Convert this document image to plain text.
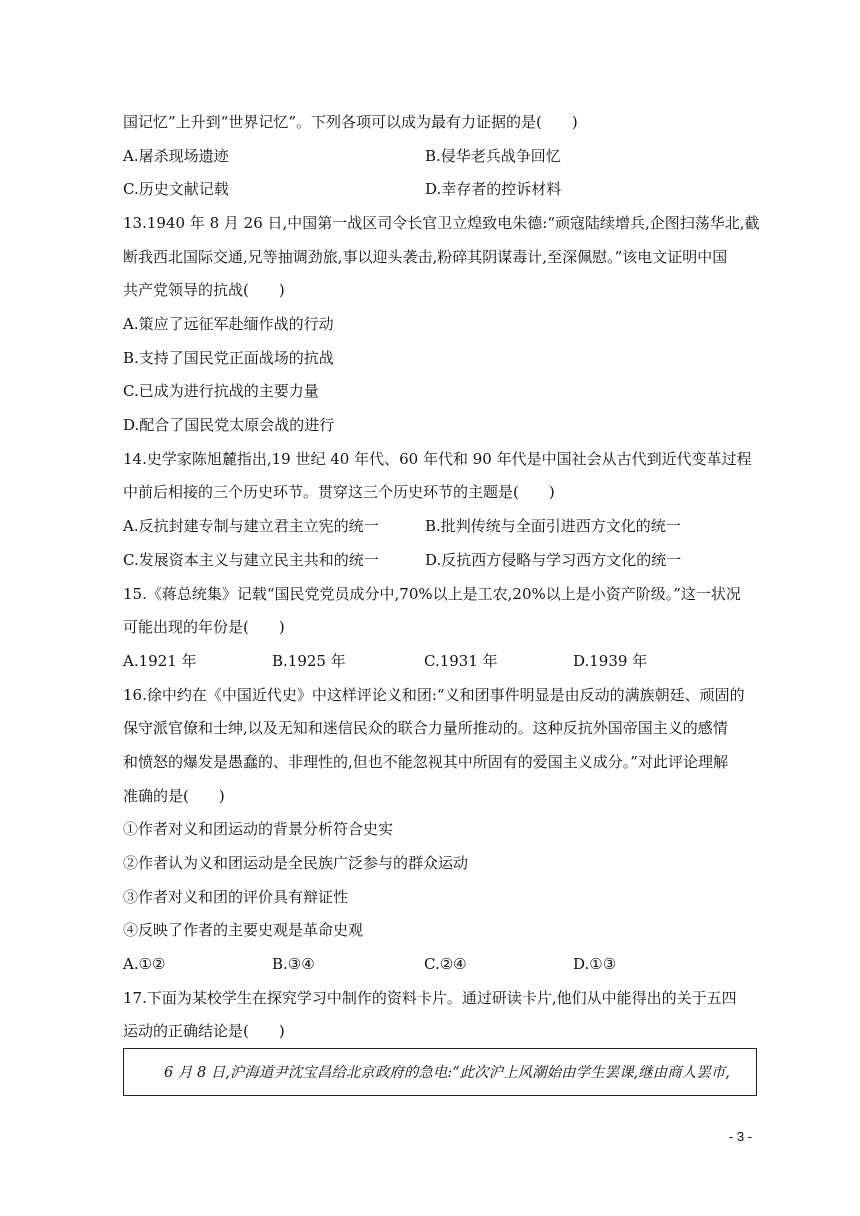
国记忆”上升到“世界记忆”。下列各项可以成为最有力证据的是(　　)
A.屠杀现场遗迹	B.侵华老兵战争回忆
C.历史文献记载	D.幸存者的控诉材料
13.1940 年 8 月 26 日,中国第一战区司令长官卫立煌致电朱德:“顽寇陆续增兵,企图扫荡华北,截
断我西北国际交通,兄等抽调劲旅,事以迎头袭击,粉碎其阴谋毒计,至深佩慰。”该电文证明中国
共产党领导的抗战(　　)
A.策应了远征军赴缅作战的行动
B.支持了国民党正面战场的抗战
C.已成为进行抗战的主要力量
D.配合了国民党太原会战的进行
14.史学家陈旭麓指出,19 世纪 40 年代、60 年代和 90 年代是中国社会从古代到近代变革过程
中前后相接的三个历史环节。贯穿这三个历史环节的主题是(　　)
A.反抗封建专制与建立君主立宪的统一	B.批判传统与全面引进西方文化的统一
C.发展资本主义与建立民主共和的统一	D.反抗西方侵略与学习西方文化的统一
15.《蒋总统集》记载“国民党党员成分中,70%以上是工农,20%以上是小资产阶级。”这一状况
可能出现的年份是(　　)
A.1921 年	B.1925 年	C.1931 年	D.1939 年
16.徐中约在《中国近代史》中这样评论义和团:“义和团事件明显是由反动的满族朝廷、顽固的
保守派官僚和士绅,以及无知和迷信民众的联合力量所推动的。这种反抗外国帝国主义的感情
和愤怒的爆发是愚蠢的、非理性的,但也不能忽视其中所固有的爱国主义成分。”对此评论理解
准确的是(　　)
①作者对义和团运动的背景分析符合史实
②作者认为义和团运动是全民族广泛参与的群众运动
③作者对义和团的评价具有辩证性
④反映了作者的主要史观是革命史观
A.①②	B.③④	C.②④	D.①③
17.下面为某校学生在探究学习中制作的资料卡片。通过研读卡片,他们从中能得出的关于五四
运动的正确结论是(　　)
6 月 8 日,沪海道尹沈宝昌给北京政府的急电:“此次沪上风潮始由学生罢课,继由商人罢市,
- 3 -
